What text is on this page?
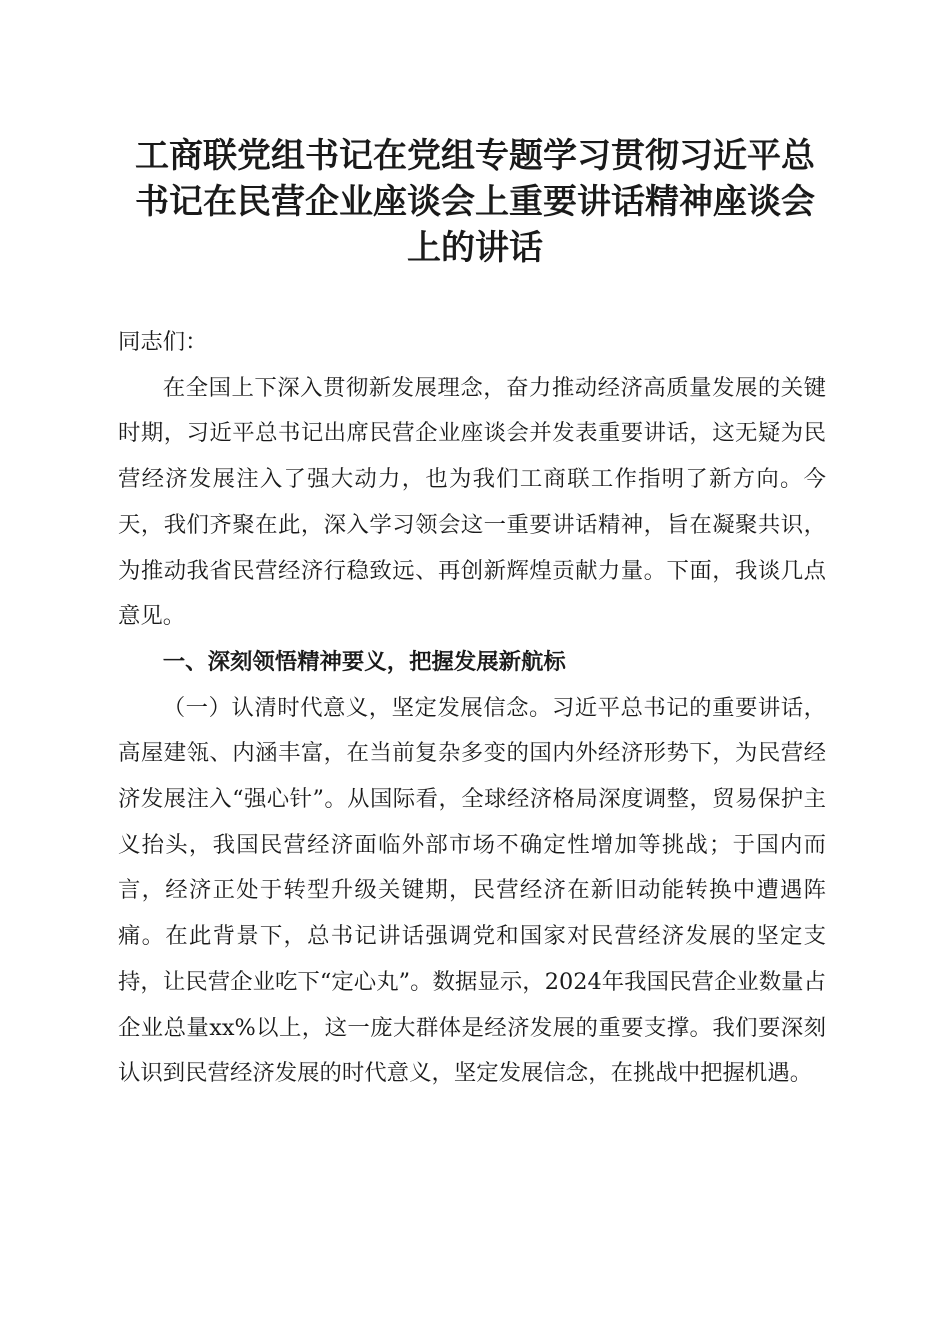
工商联党组书记在党组专题学习贯彻习近平总
书记在民营企业座谈会上重要讲话精神座谈会
上的讲话

同志们：

在全国上下深入贯彻新发展理念，奋力推动经济高质量发展的关键时期，习近平总书记出席民营企业座谈会并发表重要讲话，这无疑为民营经济发展注入了强大动力，也为我们工商联工作指明了新方向。今天，我们齐聚在此，深入学习领会这一重要讲话精神，旨在凝聚共识，为推动我省民营经济行稳致远、再创新辉煌贡献力量。下面，我谈几点意见。

一、深刻领悟精神要义，把握发展新航标

（一）认清时代意义，坚定发展信念。习近平总书记的重要讲话，高屋建瓴、内涵丰富，在当前复杂多变的国内外经济形势下，为民营经济发展注入“强心针”。从国际看，全球经济格局深度调整，贸易保护主义抬头，我国民营经济面临外部市场不确定性增加等挑战；于国内而言，经济正处于转型升级关键期，民营经济在新旧动能转换中遭遇阵痛。在此背景下，总书记讲话强调党和国家对民营经济发展的坚定支持，让民营企业吃下“定心丸”。数据显示，2024年我国民营企业数量占企业总量xx%以上，这一庞大群体是经济发展的重要支撑。我们要深刻认识到民营经济发展的时代意义，坚定发展信念，在挑战中把握机遇。
